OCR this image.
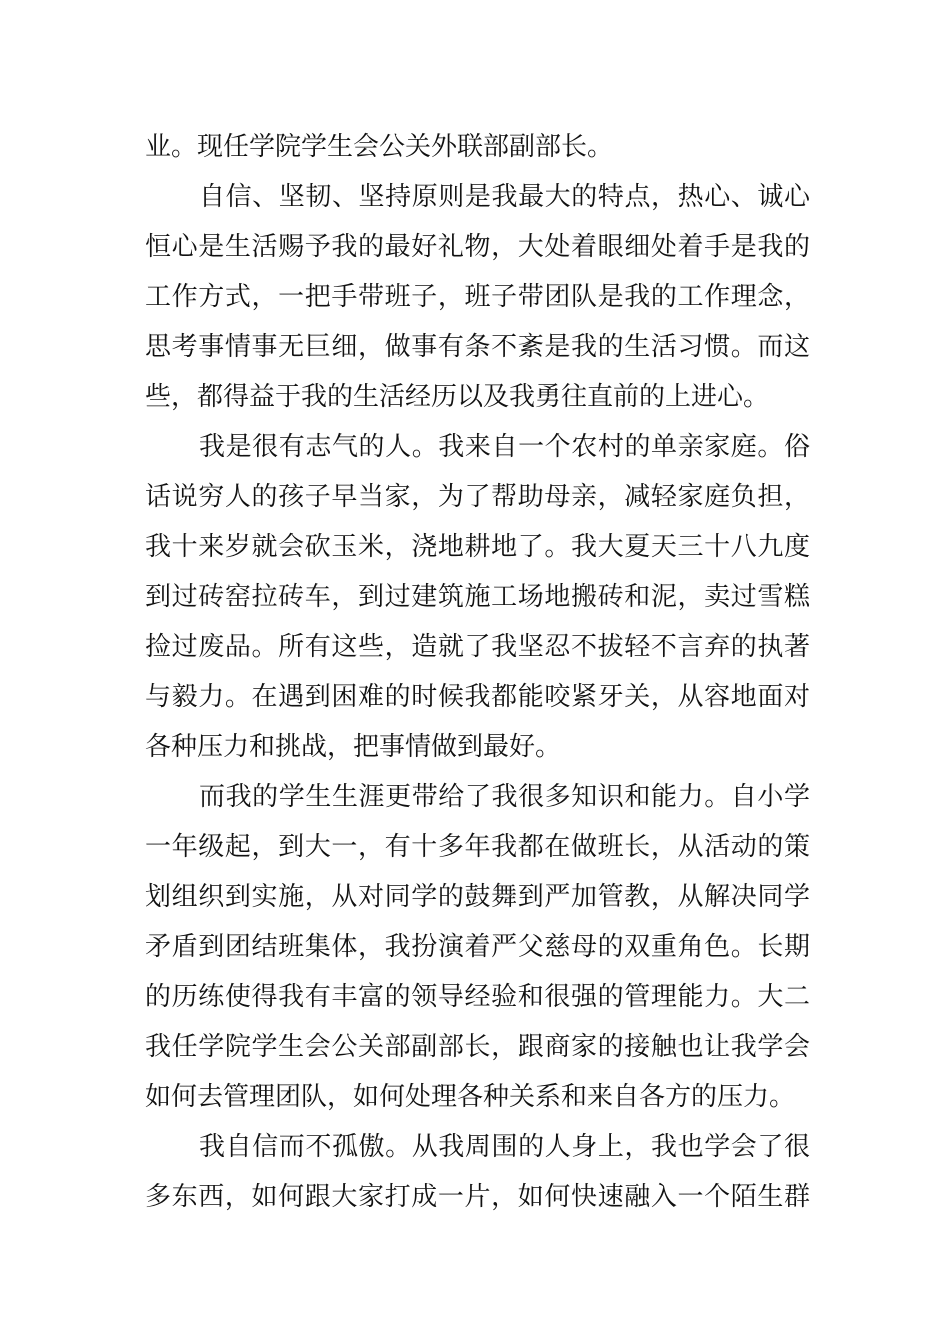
业。现任学院学生会公关外联部副部长。
自信、坚韧、坚持原则是我最大的特点，热心、诚心
恒心是生活赐予我的最好礼物，大处着眼细处着手是我的
工作方式，一把手带班子，班子带团队是我的工作理念，
思考事情事无巨细，做事有条不紊是我的生活习惯。而这
些，都得益于我的生活经历以及我勇往直前的上进心。
我是很有志气的人。我来自一个农村的单亲家庭。俗
话说穷人的孩子早当家，为了帮助母亲，减轻家庭负担，
我十来岁就会砍玉米，浇地耕地了。我大夏天三十八九度
到过砖窑拉砖车，到过建筑施工场地搬砖和泥，卖过雪糕
捡过废品。所有这些，造就了我坚忍不拔轻不言弃的执著
与毅力。在遇到困难的时候我都能咬紧牙关，从容地面对
各种压力和挑战，把事情做到最好。
而我的学生生涯更带给了我很多知识和能力。自小学
一年级起，到大一，有十多年我都在做班长，从活动的策
划组织到实施，从对同学的鼓舞到严加管教，从解决同学
矛盾到团结班集体，我扮演着严父慈母的双重角色。长期
的历练使得我有丰富的领导经验和很强的管理能力。大二
我任学院学生会公关部副部长，跟商家的接触也让我学会
如何去管理团队，如何处理各种关系和来自各方的压力。
我自信而不孤傲。从我周围的人身上，我也学会了很
多东西，如何跟大家打成一片，如何快速融入一个陌生群
